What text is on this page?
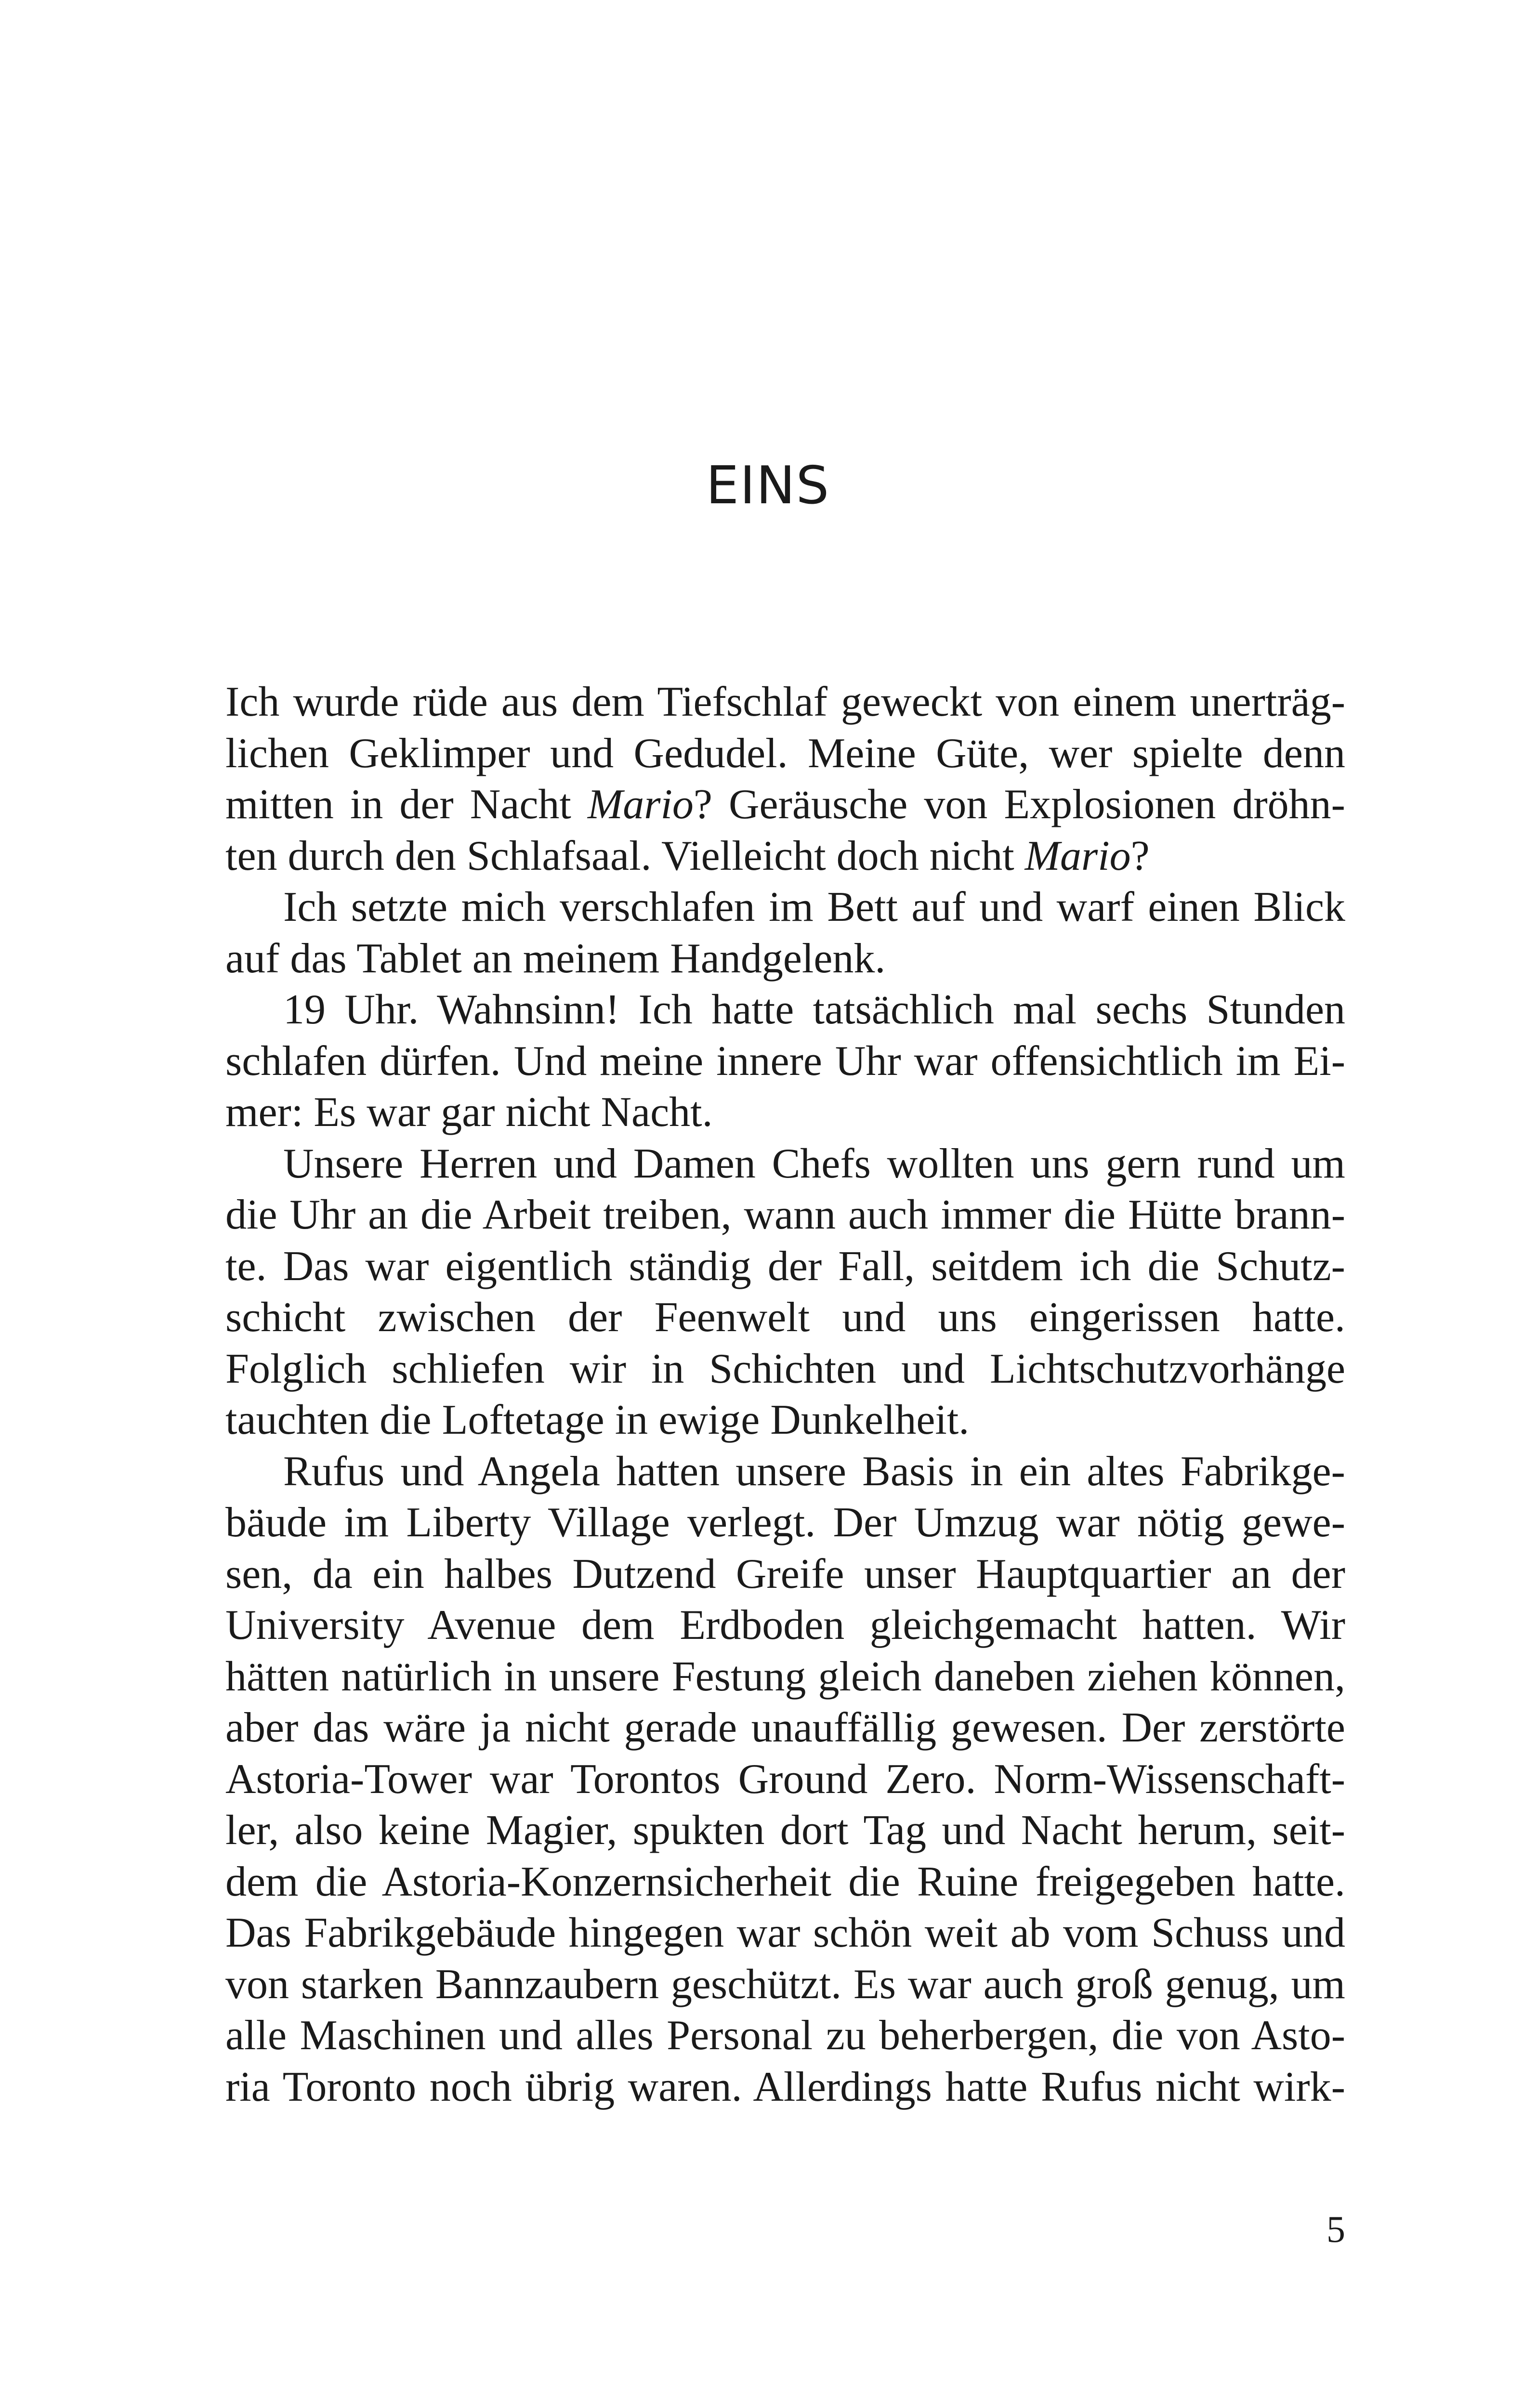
EINS
Ich wurde rüde aus dem Tiefschlaf geweckt von einem unerträg-
lichen Geklimper und Gedudel. Meine Güte, wer spielte denn
mitten in der Nacht Mario? Geräusche von Explosionen dröhn-
ten durch den Schlafsaal. Vielleicht doch nicht Mario?
Ich setzte mich verschlafen im Bett auf und warf einen Blick
auf das Tablet an meinem Handgelenk.
19 Uhr. Wahnsinn! Ich hatte tatsächlich mal sechs Stunden
schlafen dürfen. Und meine innere Uhr war offensichtlich im Ei-
mer: Es war gar nicht Nacht.
Unsere Herren und Damen Chefs wollten uns gern rund um
die Uhr an die Arbeit treiben, wann auch immer die Hütte brann-
te. Das war eigentlich ständig der Fall, seitdem ich die Schutz-
schicht zwischen der Feenwelt und uns eingerissen hatte.
Folglich schliefen wir in Schichten und Lichtschutzvorhänge
tauchten die Loftetage in ewige Dunkelheit.
Rufus und Angela hatten unsere Basis in ein altes Fabrikge-
bäude im Liberty Village verlegt. Der Umzug war nötig gewe-
sen, da ein halbes Dutzend Greife unser Hauptquartier an der
University Avenue dem Erdboden gleichgemacht hatten. Wir
hätten natürlich in unsere Festung gleich daneben ziehen können,
aber das wäre ja nicht gerade unauffällig gewesen. Der zerstörte
Astoria-Tower war Torontos Ground Zero. Norm-Wissenschaft-
ler, also keine Magier, spukten dort Tag und Nacht herum, seit-
dem die Astoria-Konzernsicherheit die Ruine freigegeben hatte.
Das Fabrikgebäude hingegen war schön weit ab vom Schuss und
von starken Bannzaubern geschützt. Es war auch groß genug, um
alle Maschinen und alles Personal zu beherbergen, die von Asto-
ria Toronto noch übrig waren. Allerdings hatte Rufus nicht wirk-
5
